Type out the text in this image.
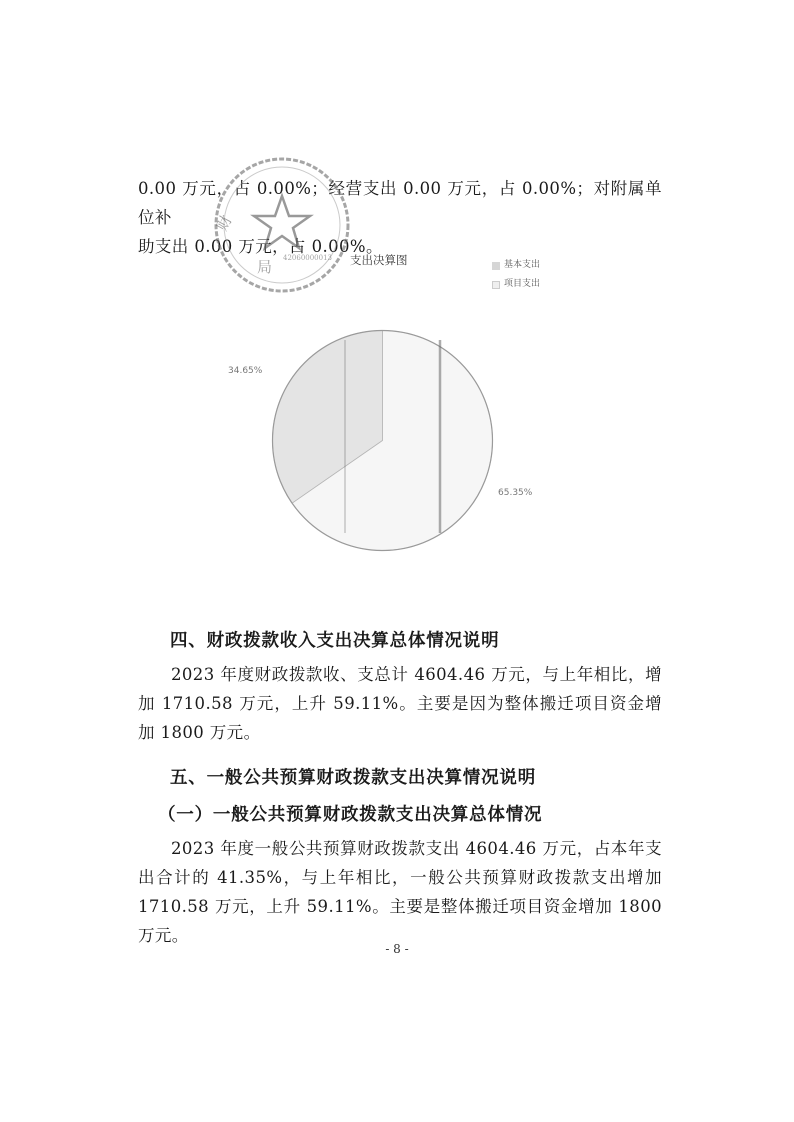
0.00 万元，占 0.00%；经营支出 0.00 万元，占 0.00%；对附属单位补
助支出 0.00 万元，占 0.00%。
财
局 42060000013 支出决算图	基本支出
项目支出
34.65%
65.35%
四、财政拨款收入支出决算总体情况说明
2023 年度财政拨款收、支总计 4604.46 万元，与上年相比，增加 1710.58 万元，上升 59.11%。主要是因为整体搬迁项目资金增加 1800 万元。
五、一般公共预算财政拨款支出决算情况说明
（一）一般公共预算财政拨款支出决算总体情况
2023 年度一般公共预算财政拨款支出 4604.46 万元，占本年支出合计的 41.35%，与上年相比，一般公共预算财政拨款支出增加 1710.58 万元，上升 59.11%。主要是整体搬迁项目资金增加 1800 万元。
- 8 -
